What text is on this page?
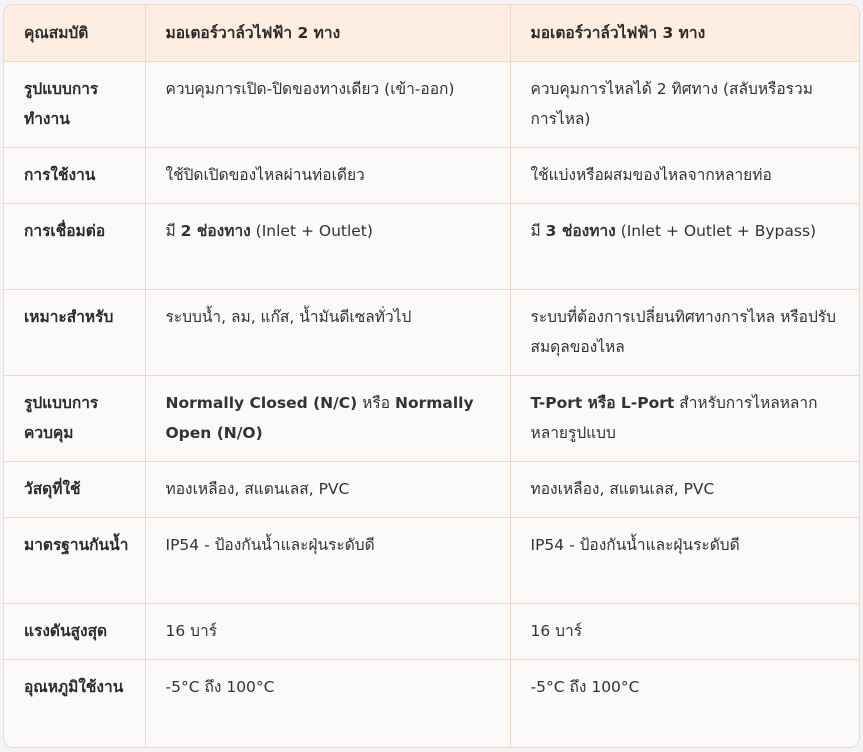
คุณสมบัติ	มอเตอร์วาล์วไฟฟ้า 2 ทาง	มอเตอร์วาล์วไฟฟ้า 3 ทาง
รูปแบบการทำงาน	ควบคุมการเปิด-ปิดของทางเดียว (เข้า-ออก)	ควบคุมการไหลได้ 2 ทิศทาง (สลับหรือรวมการไหล)
การใช้งาน	ใช้ปิดเปิดของไหลผ่านท่อเดียว	ใช้แบ่งหรือผสมของไหลจากหลายท่อ
การเชื่อมต่อ	มี 2 ช่องทาง (Inlet + Outlet)	มี 3 ช่องทาง (Inlet + Outlet + Bypass)
เหมาะสำหรับ	ระบบน้ำ, ลม, แก๊ส, น้ำมันดีเซลทั่วไป	ระบบที่ต้องการเปลี่ยนทิศทางการไหล หรือปรับสมดุลของไหล
รูปแบบการควบคุม	Normally Closed (N/C) หรือ Normally Open (N/O)	T-Port หรือ L-Port สำหรับการไหลหลากหลายรูปแบบ
วัสดุที่ใช้	ทองเหลือง, สแตนเลส, PVC	ทองเหลือง, สแตนเลส, PVC
มาตรฐานกันน้ำ	IP54 - ป้องกันน้ำและฝุ่นระดับดี	IP54 - ป้องกันน้ำและฝุ่นระดับดี
แรงดันสูงสุด	16 บาร์	16 บาร์
อุณหภูมิใช้งาน	-5°C ถึง 100°C	-5°C ถึง 100°C
